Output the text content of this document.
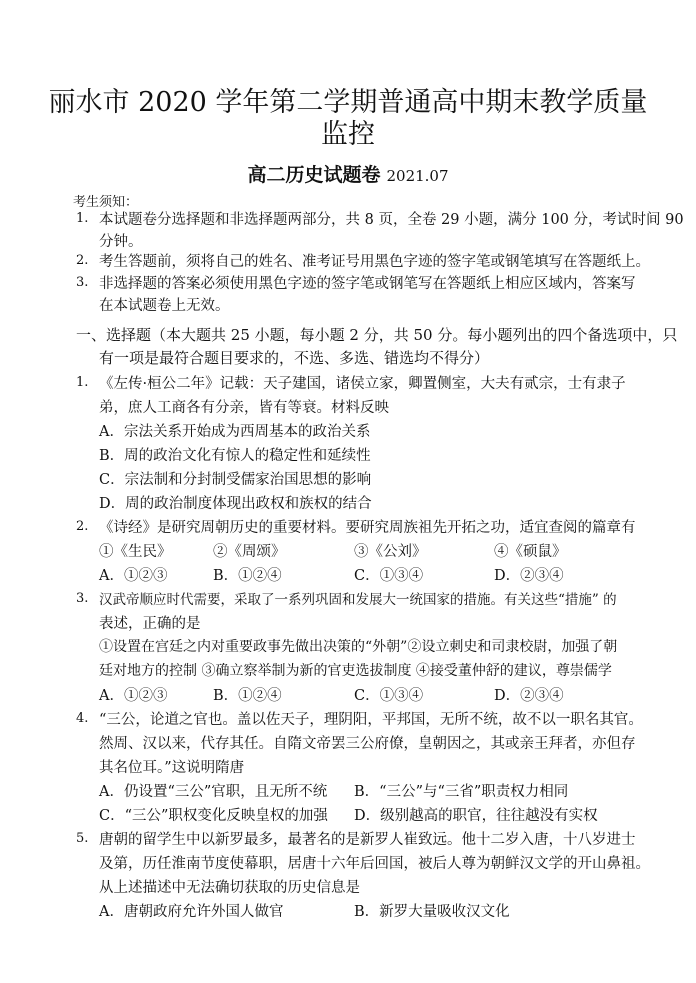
丽水市 2020 学年第二学期普通高中期末教学质量
监控
高二历史试题卷 2021.07
考生须知：
1. 本试题卷分选择题和非选择题两部分，共 8 页，全卷 29 小题，满分 100 分，考试时间 90
分钟。
2. 考生答题前，须将自己的姓名、准考证号用黑色字迹的签字笔或钢笔填写在答题纸上。
3. 非选择题的答案必须使用黑色字迹的签字笔或钢笔写在答题纸上相应区域内，答案写
在本试题卷上无效。
一、选择题（本大题共 25 小题，每小题 2 分，共 50 分。每小题列出的四个备选项中，只
有一项是最符合题目要求的，不选、多选、错选均不得分）
1. 《左传·桓公二年》记载：天子建国，诸侯立家，卿置侧室，大夫有贰宗，士有隶子
弟，庶人工商各有分亲，皆有等衰。材料反映
A．宗法关系开始成为西周基本的政治关系
B．周的政治文化有惊人的稳定性和延续性
C．宗法制和分封制受儒家治国思想的影响
D．周的政治制度体现出政权和族权的结合
2. 《诗经》是研究周朝历史的重要材料。要研究周族祖先开拓之功，适宜查阅的篇章有
①《生民》	②《周颂》	③《公刘》	④《硕鼠》
A．①②③	B．①②④	C．①③④	D．②③④
3. 汉武帝顺应时代需要，采取了一系列巩固和发展大一统国家的措施。有关这些“措施” 的
表述，正确的是
①设置在宫廷之内对重要政事先做出决策的“外朝”②设立刺史和司隶校尉，加强了朝
廷对地方的控制 ③确立察举制为新的官吏选拔制度 ④接受董仲舒的建议，尊崇儒学
A．①②③	B．①②④	C．①③④	D．②③④
4. “三公，论道之官也。盖以佐天子，理阴阳，平邦国，无所不统，故不以一职名其官。
然周、汉以来，代存其任。自隋文帝罢三公府僚，皇朝因之，其或亲王拜者，亦但存
其名位耳。”这说明隋唐
A．仍设置“三公”官职，且无所不统 B．“三公”与“三省”职责权力相同
C．“三公”职权变化反映皇权的加强 D．级别越高的职官，往往越没有实权
5. 唐朝的留学生中以新罗最多，最著名的是新罗人崔致远。他十二岁入唐，十八岁进士
及第，历任淮南节度使幕职，居唐十六年后回国，被后人尊为朝鲜汉文学的开山鼻祖。
从上述描述中无法确切获取的历史信息是
A．唐朝政府允许外国人做官	B．新罗大量吸收汉文化
